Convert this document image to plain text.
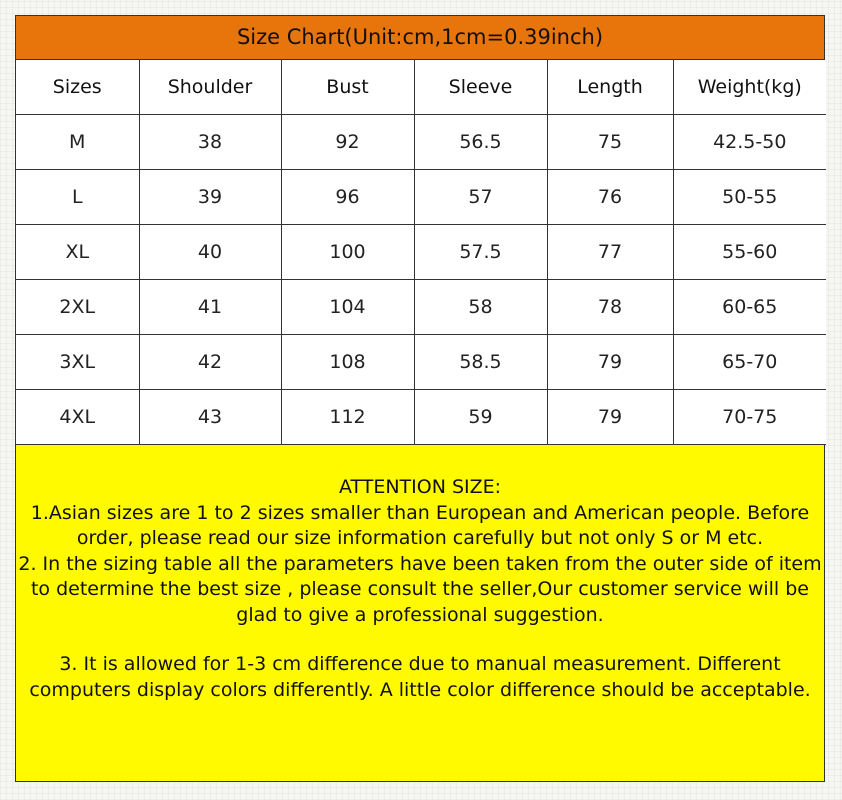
Size Chart(Unit:cm,1cm=0.39inch)
Sizes	Shoulder	Bust	Sleeve	Length	Weight(kg)
M	38	92	56.5	75	42.5-50
L	39	96	57	76	50-55
XL	40	100	57.5	77	55-60
2XL	41	104	58	78	60-65
3XL	42	108	58.5	79	65-70
4XL	43	112	59	79	70-75

ATTENTION SIZE:

1.Asian sizes are 1 to 2 sizes smaller than European and American people. Before order, please read our size information carefully but not only S or M etc.

2. In the sizing table all the parameters have been taken from the outer side of item to determine the best size , please consult the seller,Our customer service will be glad to give a professional suggestion.

3. It is allowed for 1-3 cm difference due to manual measurement. Different computers display colors differently. A little color difference should be acceptable.
